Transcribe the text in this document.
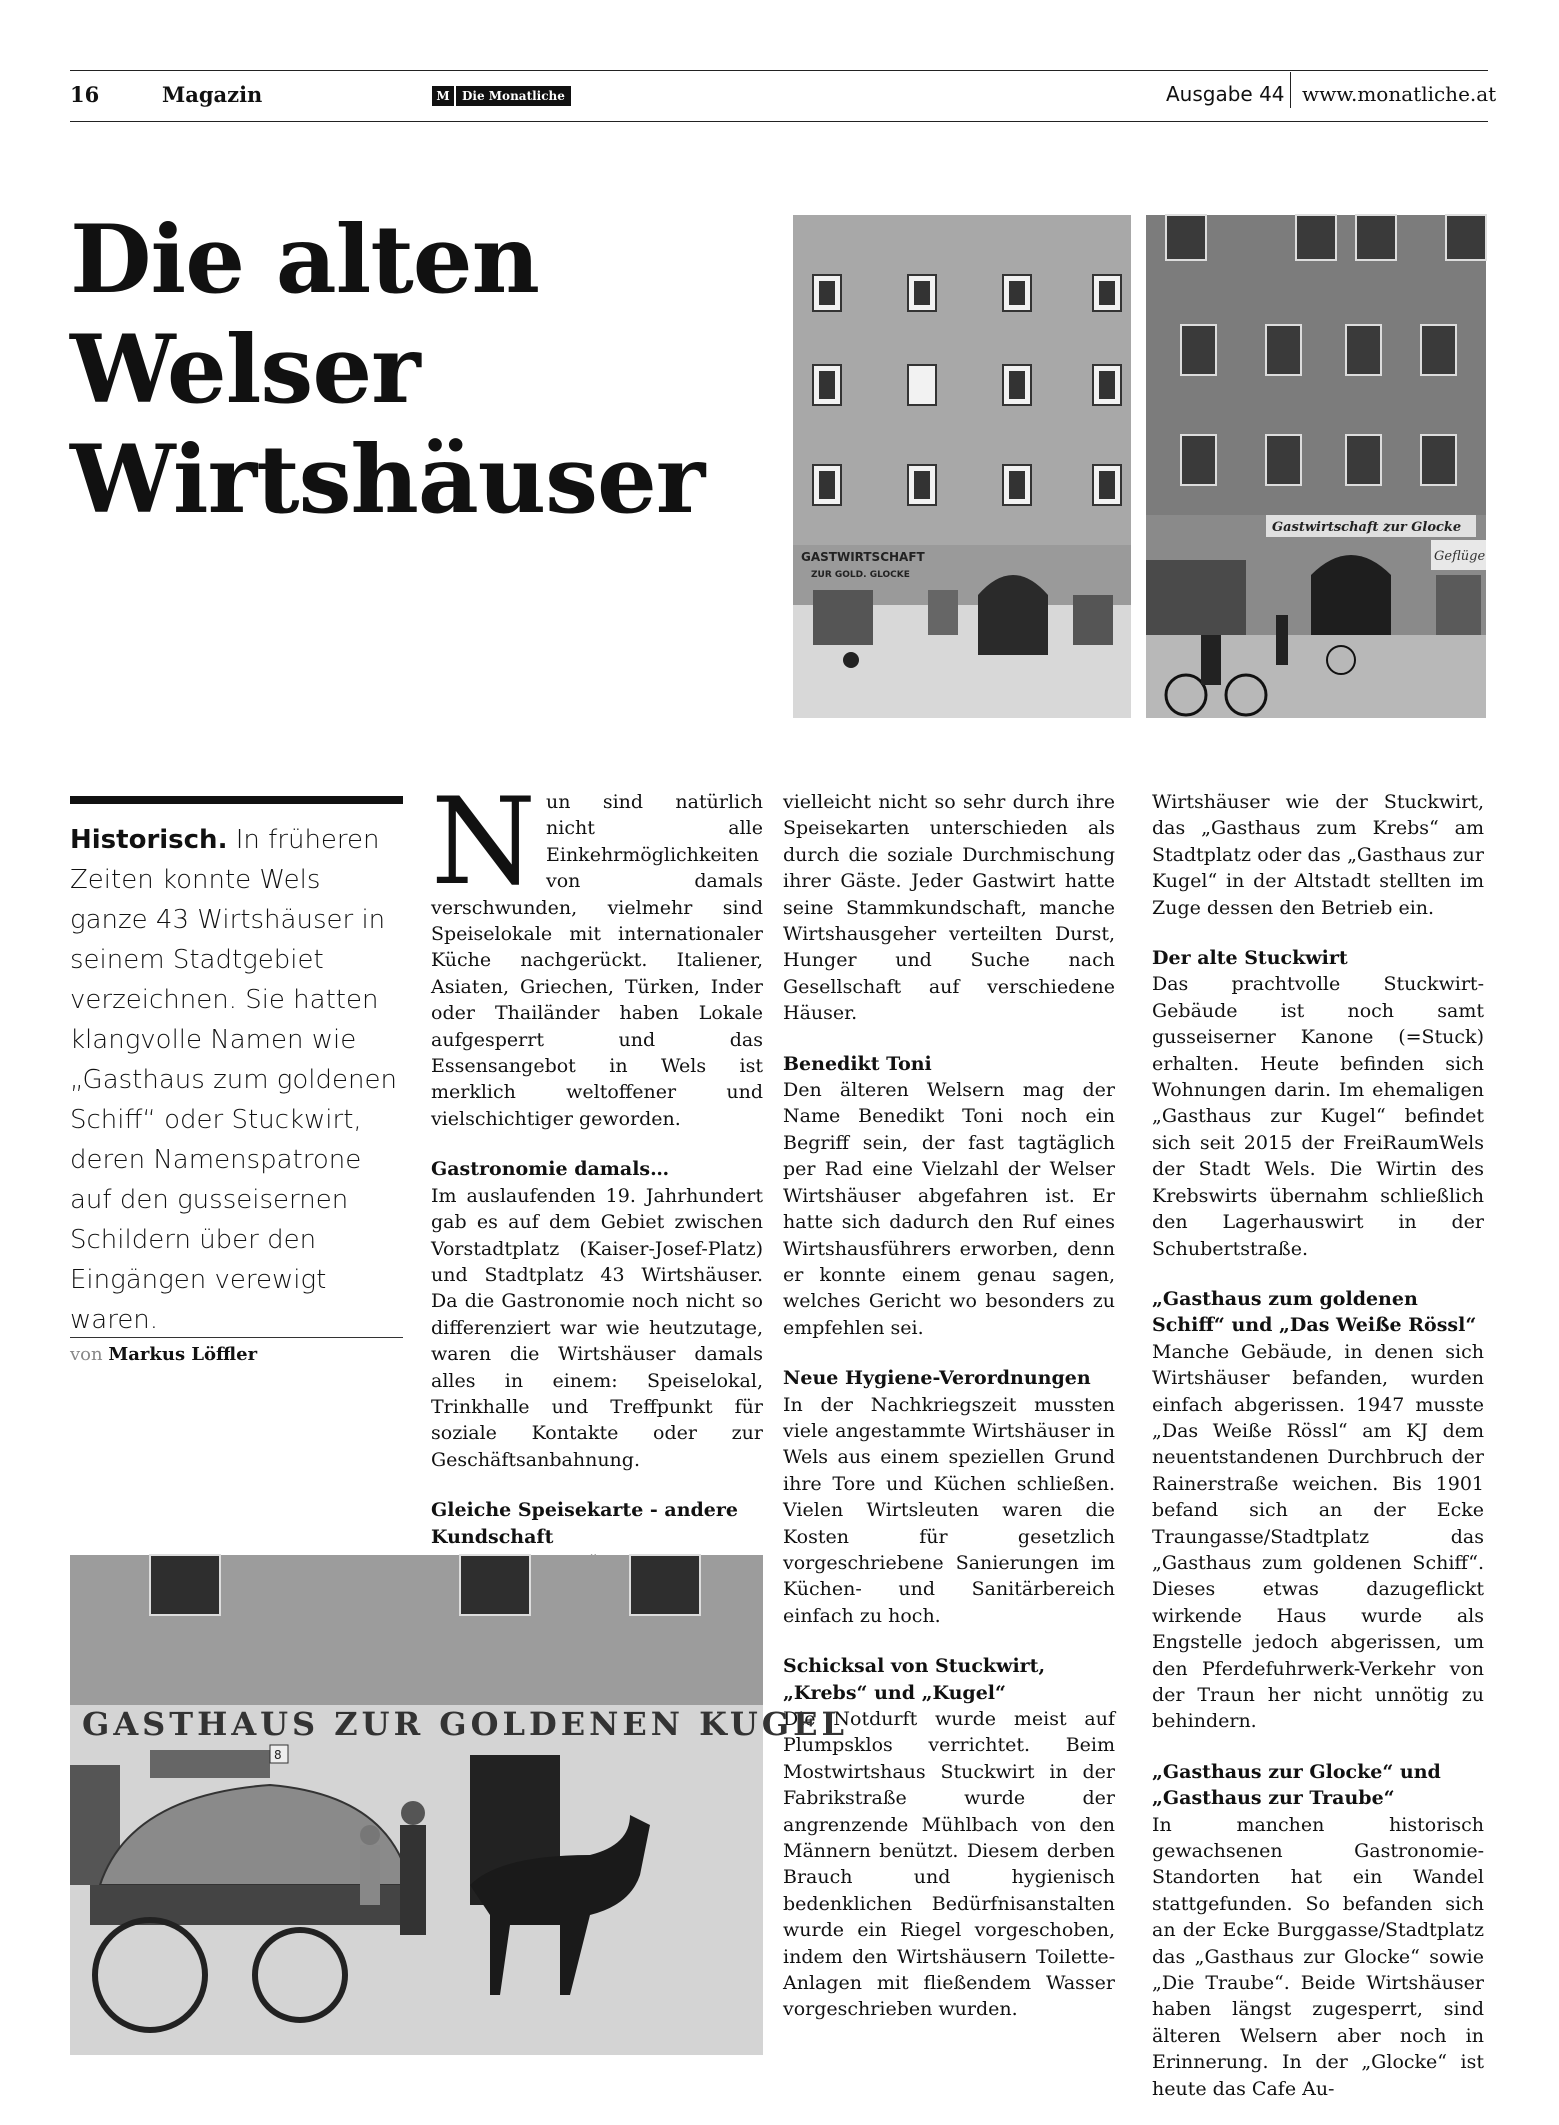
16	Magazin	M	Die Monatliche	Ausgabe 44 www.monatliche.at
Die alten
Welser
Wirtshäuser
GASTWIRTSCHAFT
ZUR GOLD. GLOCKE
Gastwirtschaft zur Glocke
Geflüge

Historisch. In früheren Zeiten konnte Wels ganze 43 Wirtshäuser in seinem Stadtgebiet verzeichnen. Sie hatten klangvolle Namen wie „Gasthaus zum goldenen Schiff“ oder Stuckwirt, deren Namenspatrone auf den gusseisernen Schildern über den Eingängen verewigt waren.

von Markus Löffler

Nun sind natürlich nicht alle Einkehrmöglichkeiten von damals verschwunden, vielmehr sind Speiselokale mit internationaler Küche nachgerückt. Italiener, Asiaten, Griechen, Türken, Inder oder Thailänder haben Lokale aufgesperrt und das Essensangebot in Wels ist merklich weltoffener und vielschichtiger geworden.

Gastronomie damals…

Im auslaufenden 19. Jahrhundert gab es auf dem Gebiet zwischen Vorstadtplatz (Kaiser-Josef-Platz) und Stadtplatz 43 Wirtshäuser. Da die Gastronomie noch nicht so differenziert war wie heutzutage, waren die Wirtshäuser damals alles in einem: Speiselokal, Trinkhalle und Treffpunkt für soziale Kontakte oder zur Geschäftsanbahnung.

Gleiche Speisekarte - andere Kundschaft

vielleicht nicht so sehr durch ihre Speisekarten unterschieden als durch die soziale Durchmischung ihrer Gäste. Jeder Gastwirt hatte seine Stammkundschaft, manche Wirtshausgeher verteilten Durst, Hunger und Suche nach Gesellschaft auf verschiedene Häuser.

Benedikt Toni

Den älteren Welsern mag der Name Benedikt Toni noch ein Begriff sein, der fast tagtäglich per Rad eine Vielzahl der Welser Wirtshäuser abgefahren ist. Er hatte sich dadurch den Ruf eines Wirtshausführers erworben, denn er konnte einem genau sagen, welches Gericht wo besonders zu empfehlen sei.

Neue Hygiene-Verordnungen

In der Nachkriegszeit mussten viele angestammte Wirtshäuser in Wels aus einem speziellen Grund ihre Tore und Küchen schließen. Vielen Wirtsleuten waren die Kosten für gesetzlich vorgeschriebene Sanierungen im Küchen- und Sanitärbereich einfach zu hoch.

Schicksal von Stuckwirt, „Krebs“ und „Kugel“

Die Notdurft wurde meist auf Plumpsklos verrichtet. Beim Mostwirtshaus Stuckwirt in der Fabrikstraße wurde der angrenzende Mühlbach von den Männern benützt. Diesem derben Brauch und hygienisch bedenklichen Bedürfnisanstalten wurde ein Riegel vorgeschoben, indem den Wirtshäusern Toilette-Anlagen mit fließendem Wasser vorgeschrieben wurden.

Wirtshäuser wie der Stuckwirt, das „Gasthaus zum Krebs“ am Stadtplatz oder das „Gasthaus zur Kugel“ in der Altstadt stellten im Zuge dessen den Betrieb ein.

Der alte Stuckwirt

Das prachtvolle Stuckwirt-Gebäude ist noch samt gusseiserner Kanone (=Stuck) erhalten. Heute befinden sich Wohnungen darin. Im ehemaligen „Gasthaus zur Kugel“ befindet sich seit 2015 der FreiRaumWels der Stadt Wels. Die Wirtin des Krebswirts übernahm schließlich den Lagerhauswirt in der Schubertstraße.

„Gasthaus zum goldenen Schiff“ und „Das Weiße Rössl“

Manche Gebäude, in denen sich Wirtshäuser befanden, wurden einfach abgerissen. 1947 musste „Das Weiße Rössl“ am KJ dem neuentstandenen Durchbruch der Rainerstraße weichen. Bis 1901 befand sich an der Ecke Traungasse/Stadtplatz das „Gasthaus zum goldenen Schiff“. Dieses etwas dazugeflickt wirkende Haus wurde als Engstelle jedoch abgerissen, um den Pferdefuhrwerk-Verkehr von der Traun her nicht unnötig zu behindern.

„Gasthaus zur Glocke“ und „Gasthaus zur Traube“

In manchen historisch gewachsenen Gastronomie-Standorten hat ein Wandel stattgefunden. So befanden sich an der Ecke Burggasse/Stadtplatz das „Gasthaus zur Glocke“ sowie „Die Traube“. Beide Wirtshäuser haben längst zugesperrt, sind älteren Welsern aber noch in Erinnerung. In der „Glocke“ ist heute das Cafe Au-

GASTHAUS ZUR GOLDENEN KUGEL
8
